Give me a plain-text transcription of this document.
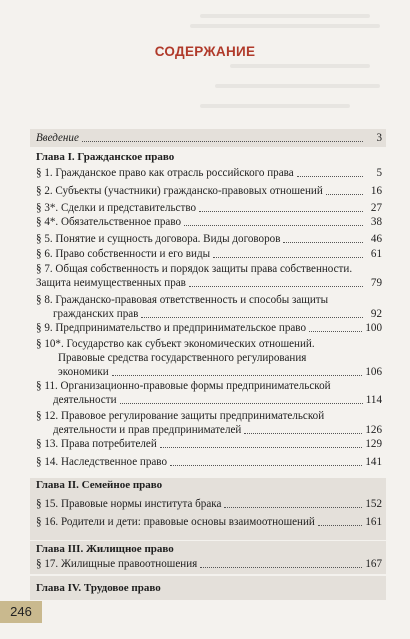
СОДЕРЖАНИЕ
Введение	3
Глава I. Гражданское право
§ 1. Гражданское право как отрасль российского права	5
§ 2. Субъекты (участники) гражданско-правовых отношений	16
§ 3*. Сделки и представительство	27
§ 4*. Обязательственное право	38
§ 5. Понятие и сущность договора. Виды договоров	46
§ 6. Право собственности и его виды	61
§ 7. Общая собственность и порядок защиты права собственности.
Защита неимущественных прав	79
§ 8. Гражданско-правовая ответственность и способы защиты
гражданских прав	92
§ 9. Предпринимательство и предпринимательское право	100
§ 10*. Государство как субъект экономических отношений.
Правовые средства государственного регулирования
экономики	106
§ 11. Организационно-правовые формы предпринимательской
деятельности	114
§ 12. Правовое регулирование защиты предпринимательской
деятельности и прав предпринимателей	126
§ 13. Права потребителей	129
§ 14. Наследственное право	141
Глава II. Семейное право
§ 15. Правовые нормы института брака	152
§ 16. Родители и дети: правовые основы взаимоотношений	161
Глава III. Жилищное право
§ 17. Жилищные правоотношения	167
Глава IV. Трудовое право
246
